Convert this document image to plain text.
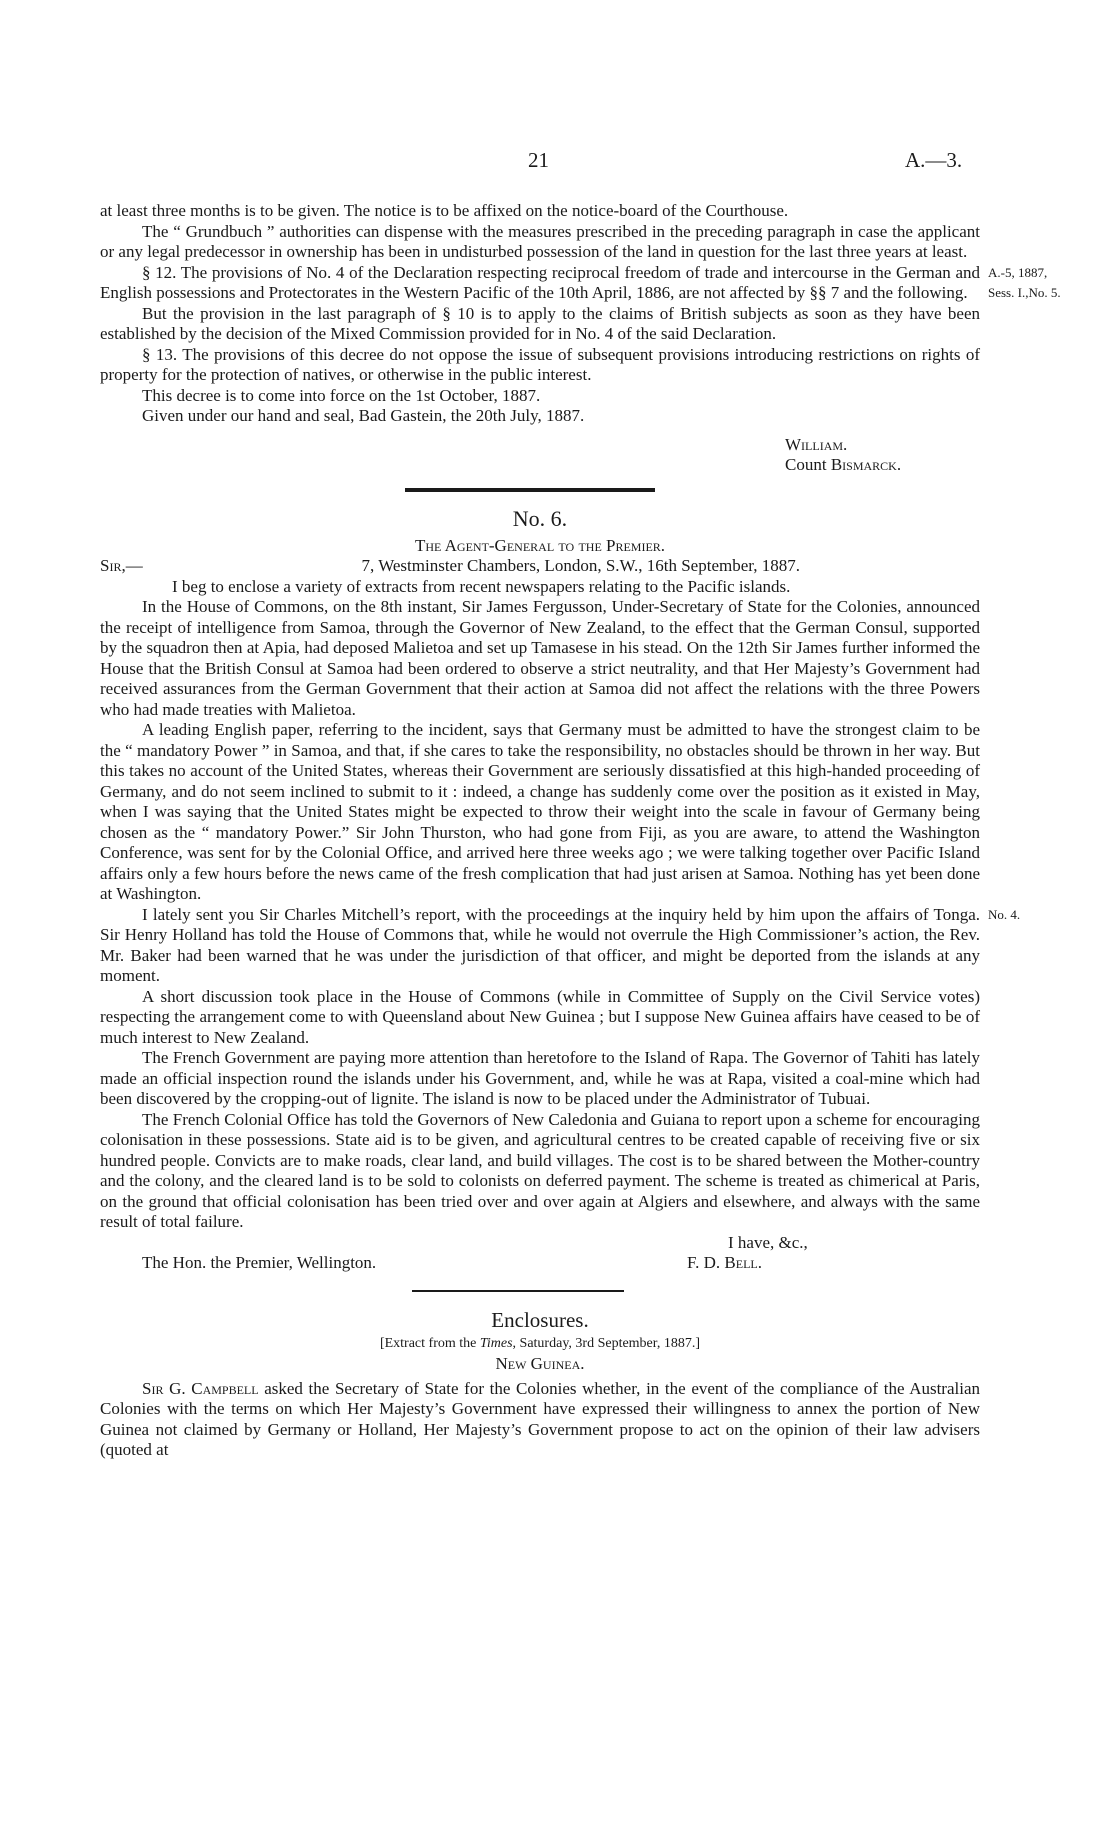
21	A.—3.

at least three months is to be given. The notice is to be affixed on the notice-board of the Courthouse.

The “ Grundbuch ” authorities can dispense with the measures prescribed in the preceding paragraph in case the applicant or any legal predecessor in ownership has been in undisturbed possession of the land in question for the last three years at least.

§ 12. The provisions of No. 4 of the Declaration respecting reciprocal freedom of trade and intercourse in the German and English possessions and Protectorates in the Western Pacific of the 10th April, 1886, are not affected by §§ 7 and the following.

A.-5, 1887,
Sess. I.,No. 5.

But the provision in the last paragraph of § 10 is to apply to the claims of British subjects as soon as they have been established by the decision of the Mixed Commission provided for in No. 4 of the said Declaration.

§ 13. The provisions of this decree do not oppose the issue of subsequent provisions introducing restrictions on rights of property for the protection of natives, or otherwise in the public interest.

This decree is to come into force on the 1st October, 1887.

Given under our hand and seal, Bad Gastein, the 20th July, 1887.

William.
Count Bismarck.
No. 6.
The Agent-General to the Premier.
Sir,—	7, Westminster Chambers, London, S.W., 16th September, 1887.

I beg to enclose a variety of extracts from recent newspapers relating to the Pacific islands.

In the House of Commons, on the 8th instant, Sir James Fergusson, Under-Secretary of State for the Colonies, announced the receipt of intelligence from Samoa, through the Governor of New Zealand, to the effect that the German Consul, supported by the squadron then at Apia, had deposed Malietoa and set up Tamasese in his stead. On the 12th Sir James further informed the House that the British Consul at Samoa had been ordered to observe a strict neutrality, and that Her Majesty’s Government had received assurances from the German Government that their action at Samoa did not affect the relations with the three Powers who had made treaties with Malietoa.

A leading English paper, referring to the incident, says that Germany must be admitted to have the strongest claim to be the “ mandatory Power ” in Samoa, and that, if she cares to take the responsibility, no obstacles should be thrown in her way. But this takes no account of the United States, whereas their Government are seriously dissatisfied at this high-handed proceeding of Germany, and do not seem inclined to submit to it : indeed, a change has suddenly come over the position as it existed in May, when I was saying that the United States might be expected to throw their weight into the scale in favour of Germany being chosen as the “ mandatory Power.” Sir John Thurston, who had gone from Fiji, as you are aware, to attend the Washington Conference, was sent for by the Colonial Office, and arrived here three weeks ago ; we were talking together over Pacific Island affairs only a few hours before the news came of the fresh complication that had just arisen at Samoa. Nothing has yet been done at Washington.

I lately sent you Sir Charles Mitchell’s report, with the proceedings at the inquiry held by him upon the affairs of Tonga. Sir Henry Holland has told the House of Commons that, while he would not overrule the High Commissioner’s action, the Rev. Mr. Baker had been warned that he was under the jurisdiction of that officer, and might be deported from the islands at any moment.

No. 4.

A short discussion took place in the House of Commons (while in Committee of Supply on the Civil Service votes) respecting the arrangement come to with Queensland about New Guinea ; but I suppose New Guinea affairs have ceased to be of much interest to New Zealand.

The French Government are paying more attention than heretofore to the Island of Rapa. The Governor of Tahiti has lately made an official inspection round the islands under his Government, and, while he was at Rapa, visited a coal-mine which had been discovered by the cropping-out of lignite. The island is now to be placed under the Administrator of Tubuai.

The French Colonial Office has told the Governors of New Caledonia and Guiana to report upon a scheme for encouraging colonisation in these possessions. State aid is to be given, and agricultural centres to be created capable of receiving five or six hundred people. Convicts are to make roads, clear land, and build villages. The cost is to be shared between the Mother-country and the colony, and the cleared land is to be sold to colonists on deferred payment. The scheme is treated as chimerical at Paris, on the ground that official colonisation has been tried over and over again at Algiers and elsewhere, and always with the same result of total failure.

I have, &c.,
The Hon. the Premier, Wellington.	F. D. Bell.
Enclosures.
[Extract from the Times, Saturday, 3rd September, 1887.]
New Guinea.

Sir G. Campbell asked the Secretary of State for the Colonies whether, in the event of the compliance of the Australian Colonies with the terms on which Her Majesty’s Government have expressed their willingness to annex the portion of New Guinea not claimed by Germany or Holland, Her Majesty’s Government propose to act on the opinion of their law advisers (quoted at
